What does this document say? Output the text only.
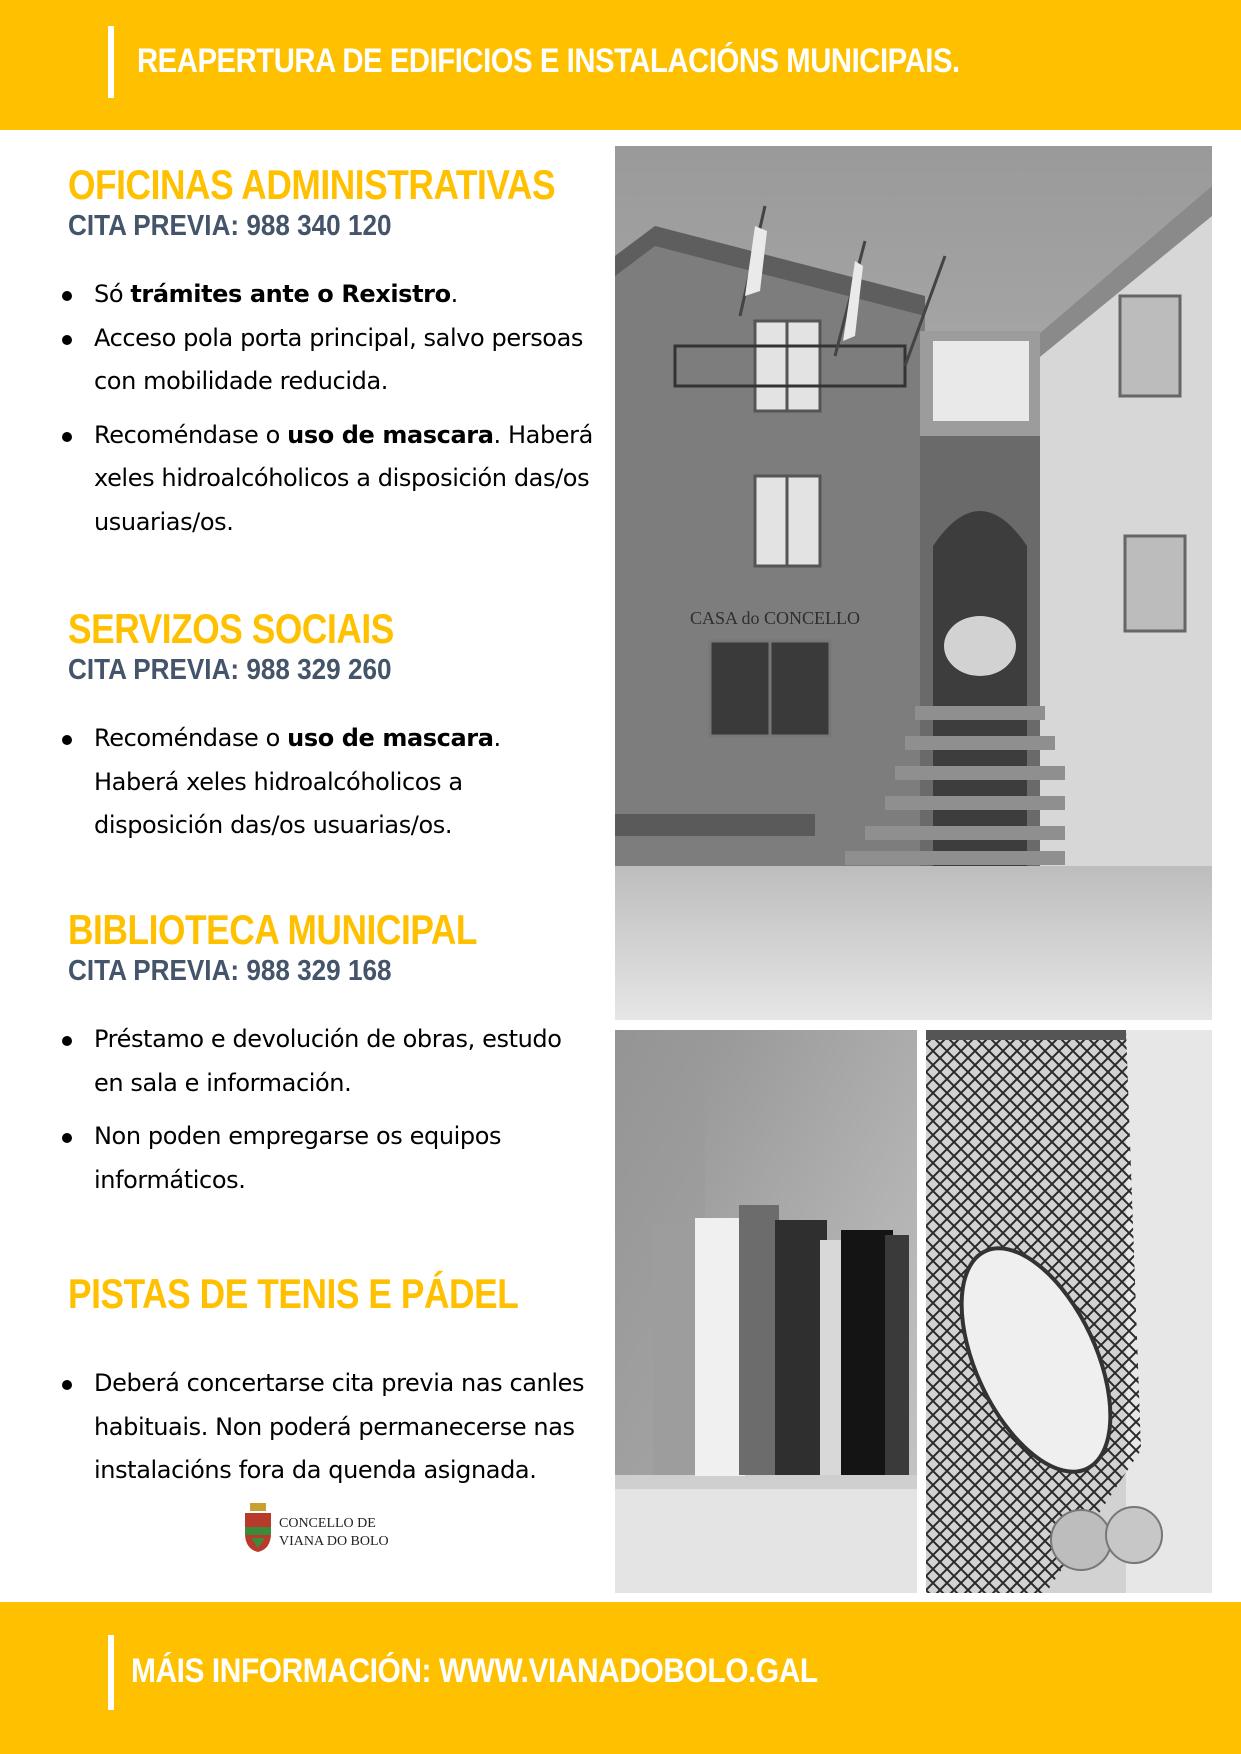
REAPERTURA DE EDIFICIOS E INSTALACIÓNS MUNICIPAIS.
OFICINAS ADMINISTRATIVAS
CITA PREVIA: 988 340 120
Só trámites ante o Rexistro.
Acceso pola porta principal, salvo persoas con mobilidade reducida.
Recoméndase o uso de mascara. Haberá xeles hidroalcóholicos a disposición das/os usuarias/os.
SERVIZOS SOCIAIS
CITA PREVIA: 988 329 260
Recoméndase o uso de mascara. Haberá xeles hidroalcóholicos a disposición das/os usuarias/os.
BIBLIOTECA MUNICIPAL
CITA PREVIA: 988 329 168
Préstamo e devolución de obras, estudo en sala e información.
Non poden empregarse os equipos informáticos.
PISTAS DE TENIS E PÁDEL
Deberá concertarse cita previa nas canles habituais. Non poderá permanecerse nas instalacións fora da quenda asignada.
CASA do CONCELLO
CONCELLO DE
VIANA DO BOLO
MÁIS INFORMACIÓN: WWW.VIANADOBOLO.GAL
